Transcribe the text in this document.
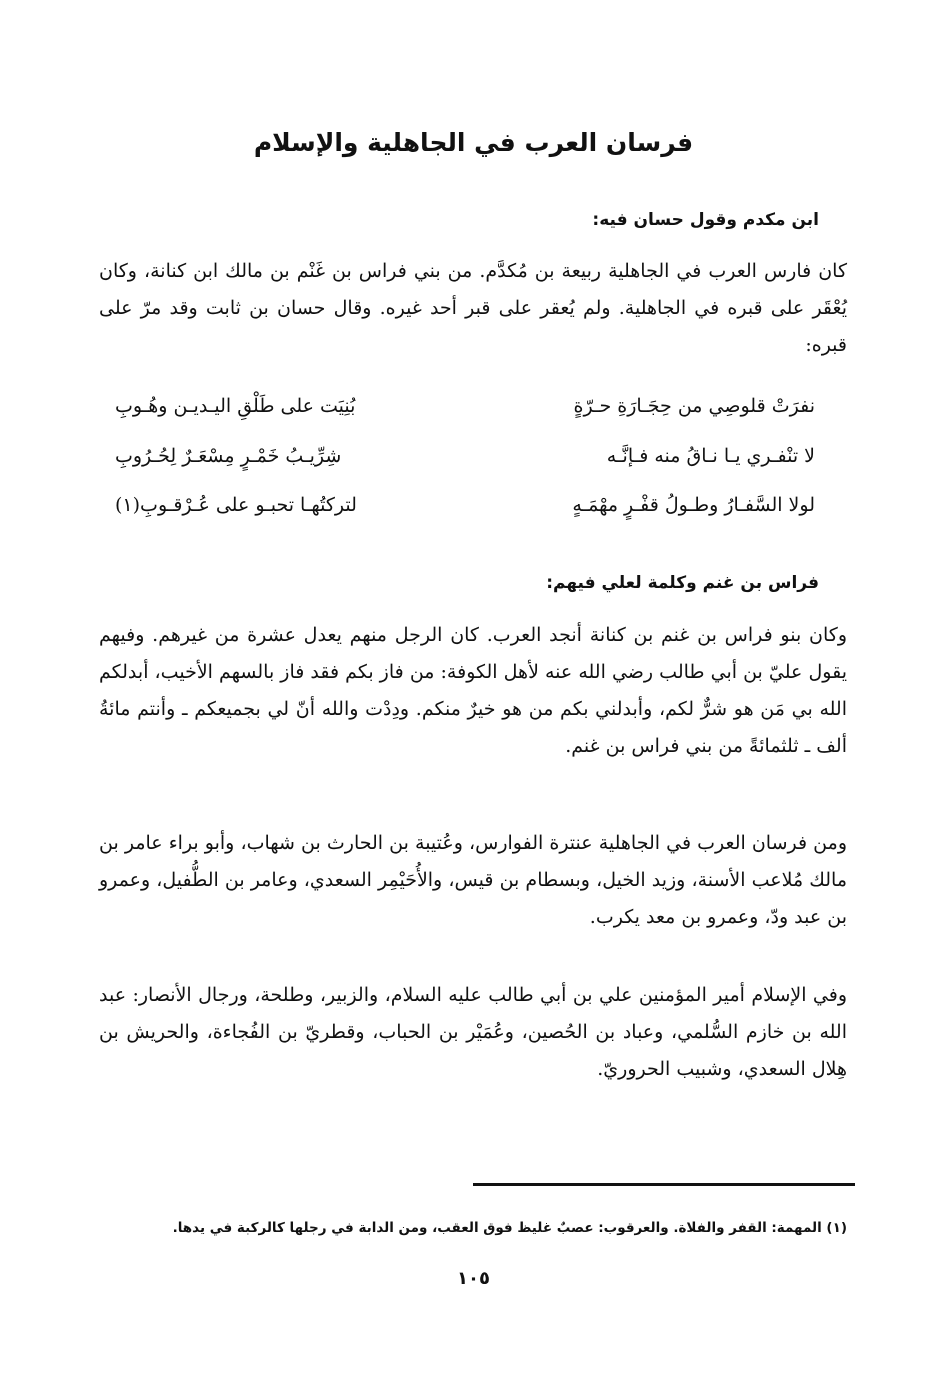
فرسان العرب في الجاهلية والإسلام
ابن مكدم وقول حسان فيه:

كان فارس العرب في الجاهلية ربيعة بن مُكدَّم. من بني فراس بن غَنْم بن مالك ابن كنانة، وكان يُعْقَر على قبره في الجاهلية. ولم يُعقر على قبر أحد غيره. وقال حسان بن ثابت وقد مرّ على قبره:

نفرَتْ قلوصِي من حِجَـارَةِ حـرّةٍ
بُنِيَت على طَلْقِ اليـديـن وهُـوبِ
لا تنْفـري يـا نـاقُ منه فـإنَّـه
شِرِّيـبُ خَمْـرٍ مِسْعَـرٌ لِحُـرُوبِ
لولا السَّفـارُ وطـولُ قفْـرٍ مهْمَـهٍ
لتركتُهـا تحبـو على عُـرْقـوبِ(١)
فراس بن غنم وكلمة لعلي فيهم:

وكان بنو فراس بن غنم بن كنانة أنجد العرب. كان الرجل منهم يعدل عشرة من غيرهم. وفيهم يقول عليّ بن أبي طالب رضي الله عنه لأهل الكوفة: من فاز بكم فقد فاز بالسهم الأخيب، أبدلكم الله بي مَن هو شرٌّ لكم، وأبدلني بكم من هو خيرٌ منكم. ودِدْت والله أنّ لي بجميعكم ـ وأنتم مائةُ ألف ـ ثلثمائةً من بني فراس بن غنم.

ومن فرسان العرب في الجاهلية عنترة الفوارس، وعُتيبة بن الحارث بن شهاب، وأبو براء عامر بن مالك مُلاعب الأسنة، وزيد الخيل، وبسطام بن قيس، والأُحَيْمِر السعدي، وعامر بن الطُّفيل، وعمرو بن عبد ودّ، وعمرو بن معد يكرب.

وفي الإسلام أمير المؤمنين علي بن أبي طالب عليه السلام، والزبير، وطلحة، ورجال الأنصار: عبد الله بن خازم السُّلمي، وعباد بن الحُصين، وعُمَيْر بن الحباب، وقطريّ بن الفُجاءة، والحريش بن هِلال السعدي، وشبيب الحروريّ.

(١) المهمة: القفر والفلاة. والعرقوب: عصبٌ غليظ فوق العقب، ومن الدابة في رجلها كالركبة في يدها.

١٠٥
